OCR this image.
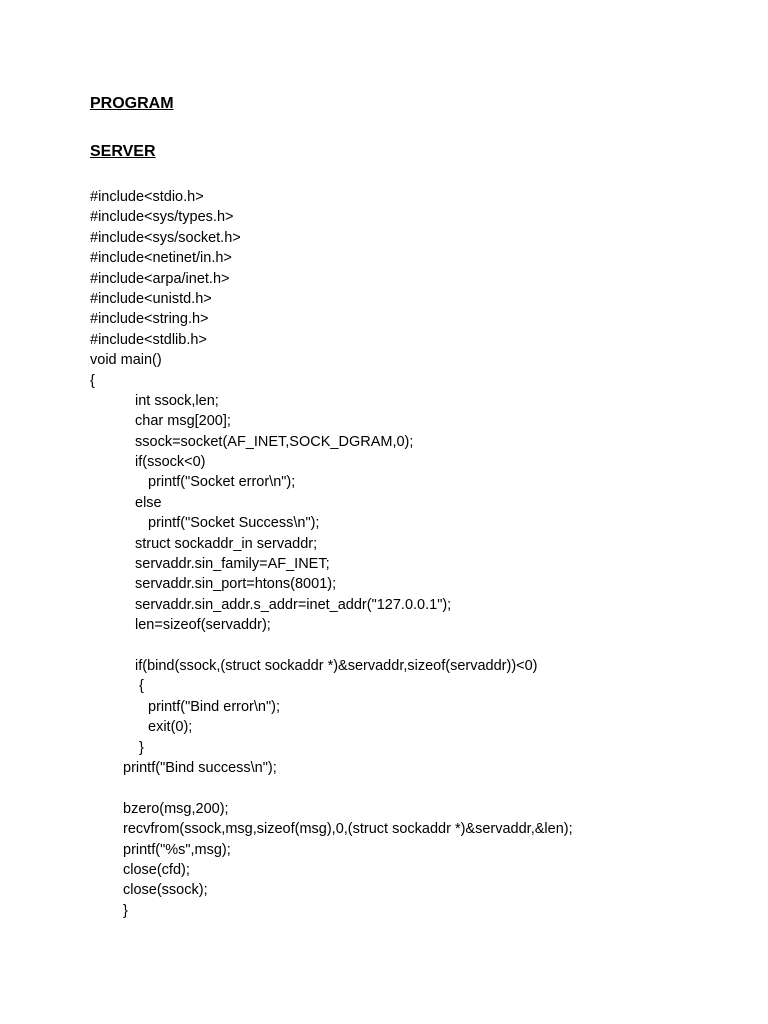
PROGRAM
SERVER
#include<stdio.h>
#include<sys/types.h>
#include<sys/socket.h>
#include<netinet/in.h>
#include<arpa/inet.h>
#include<unistd.h>
#include<string.h>
#include<stdlib.h>
void main()
{
int ssock,len;
char msg[200];
ssock=socket(AF_INET,SOCK_DGRAM,0);
if(ssock<0)
printf("Socket error\n");
else
printf("Socket Success\n");
struct sockaddr_in servaddr;
servaddr.sin_family=AF_INET;
servaddr.sin_port=htons(8001);
servaddr.sin_addr.s_addr=inet_addr("127.0.0.1");
len=sizeof(servaddr);
if(bind(ssock,(struct sockaddr *)&servaddr,sizeof(servaddr))<0)
{
printf("Bind error\n");
exit(0);
}
printf("Bind success\n");
bzero(msg,200);
recvfrom(ssock,msg,sizeof(msg),0,(struct sockaddr *)&servaddr,&len);
printf("%s",msg);
close(cfd);
close(ssock);
}
